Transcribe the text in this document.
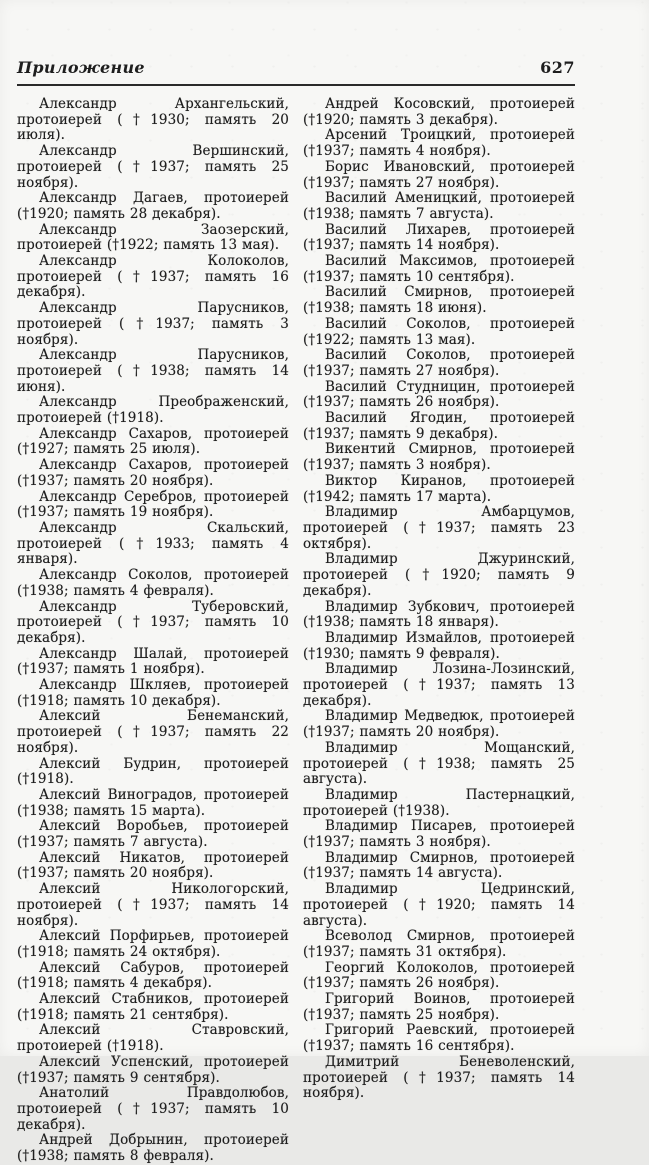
Приложение	627

Александр Архангельский, протоиерей (†1930; память 20 июля).

Александр Вершинский, протоиерей (†1937; память 25 ноября).

Александр Дагаев, протоиерей (†1920; память 28 декабря).

Александр Заозерский, протоиерей (†1922; память 13 мая).

Александр Колоколов, протоиерей (†1937; память 16 декабря).

Александр Парусников, протоиерей (†1937; память 3 ноября).

Александр Парусников, протоиерей (†1938; память 14 июня).

Александр Преображенский, протоиерей (†1918).

Александр Сахаров, протоиерей (†1927; память 25 июля).

Александр Сахаров, протоиерей (†1937; память 20 ноября).

Александр Серебров, протоиерей (†1937; память 19 ноября).

Александр Скальский, протоиерей (†1933; память 4 января).

Александр Соколов, протоиерей (†1938; память 4 февраля).

Александр Туберовский, протоиерей (†1937; память 10 декабря).

Александр Шалай, протоиерей (†1937; память 1 ноября).

Александр Шкляев, протоиерей (†1918; память 10 декабря).

Алексий Бенеманский, протоиерей (†1937; память 22 ноября).

Алексий Будрин, протоиерей (†1918).

Алексий Виноградов, протоиерей (†1938; память 15 марта).

Алексий Воробьев, протоиерей (†1937; память 7 августа).

Алексий Никатов, протоиерей (†1937; память 20 ноября).

Алексий Никологорский, протоиерей (†1937; память 14 ноября).

Алексий Порфирьев, протоиерей (†1918; память 24 октября).

Алексий Сабуров, протоиерей (†1918; память 4 декабря).

Алексий Стабников, протоиерей (†1918; память 21 сентября).

Алексий Ставровский, протоиерей (†1918).

Алексий Успенский, протоиерей (†1937; память 9 сентября).

Анатолий Правдолюбов, протоиерей (†1937; память 10 декабря).

Андрей Добрынин, протоиерей (†1938; память 8 февраля).

Андрей Косовский, протоиерей (†1920; память 3 декабря).

Арсений Троицкий, протоиерей (†1937; память 4 ноября).

Борис Ивановский, протоиерей (†1937; память 27 ноября).

Василий Аменицкий, протоиерей (†1938; память 7 августа).

Василий Лихарев, протоиерей (†1937; память 14 ноября).

Василий Максимов, протоиерей (†1937; память 10 сентября).

Василий Смирнов, протоиерей (†1938; память 18 июня).

Василий Соколов, протоиерей (†1922; память 13 мая).

Василий Соколов, протоиерей (†1937; память 27 ноября).

Василий Студницин, протоиерей (†1937; память 26 ноября).

Василий Ягодин, протоиерей (†1937; память 9 декабря).

Викентий Смирнов, протоиерей (†1937; память 3 ноября).

Виктор Киранов, протоиерей (†1942; память 17 марта).

Владимир Амбарцумов, протоиерей (†1937; память 23 октября).

Владимир Джуринский, протоиерей (†1920; память 9 декабря).

Владимир Зубкович, протоиерей (†1938; память 18 января).

Владимир Измайлов, протоиерей (†1930; память 9 февраля).

Владимир Лозина-Лозинский, протоиерей (†1937; память 13 декабря).

Владимир Медведюк, протоиерей (†1937; память 20 ноября).

Владимир Мощанский, протоиерей (†1938; память 25 августа).

Владимир Пастернацкий, протоиерей (†1938).

Владимир Писарев, протоиерей (†1937; память 3 ноября).

Владимир Смирнов, протоиерей (†1937; память 14 августа).

Владимир Цедринский, протоиерей (†1920; память 14 августа).

Всеволод Смирнов, протоиерей (†1937; память 31 октября).

Георгий Колоколов, протоиерей (†1937; память 26 ноября).

Григорий Воинов, протоиерей (†1937; память 25 ноября).

Григорий Раевский, протоиерей (†1937; память 16 сентября).

Димитрий Беневоленский, протоиерей (†1937; память 14 ноября).
